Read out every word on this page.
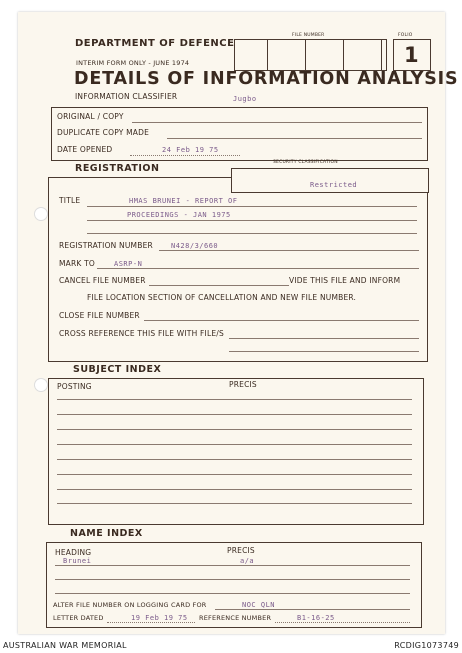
DEPARTMENT OF DEFENCE
INTERIM FORM ONLY - JUNE 1974
DETAILS OF INFORMATION ANALYSIS
INFORMATION CLASSIFIER	Jugbo
FILE NUMBER	FOLIO
1
ORIGINAL / COPY
DUPLICATE COPY MADE
DATE OPENED	24 Feb 19 75
REGISTRATION
SECURITY CLASSIFICATION
Restricted
TITLE	HMAS BRUNEI - REPORT OF
PROCEEDINGS - JAN 1975
REGISTRATION NUMBER	N428/3/660
MARK TO	ASRP-N
CANCEL FILE NUMBER	VIDE THIS FILE AND INFORM
FILE LOCATION SECTION OF CANCELLATION AND NEW FILE NUMBER.
CLOSE FILE NUMBER
CROSS REFERENCE THIS FILE WITH FILE/S
SUBJECT INDEX
POSTING	PRECIS
NAME INDEX
HEADING	PRECIS
Brunei	a/a
ALTER FILE NUMBER ON LOGGING CARD FOR	NOC QLN
LETTER DATED	19 Feb 19 75 REFERENCE NUMBER	B1-16-25
AUSTRALIAN WAR MEMORIAL	RCDIG1073749
